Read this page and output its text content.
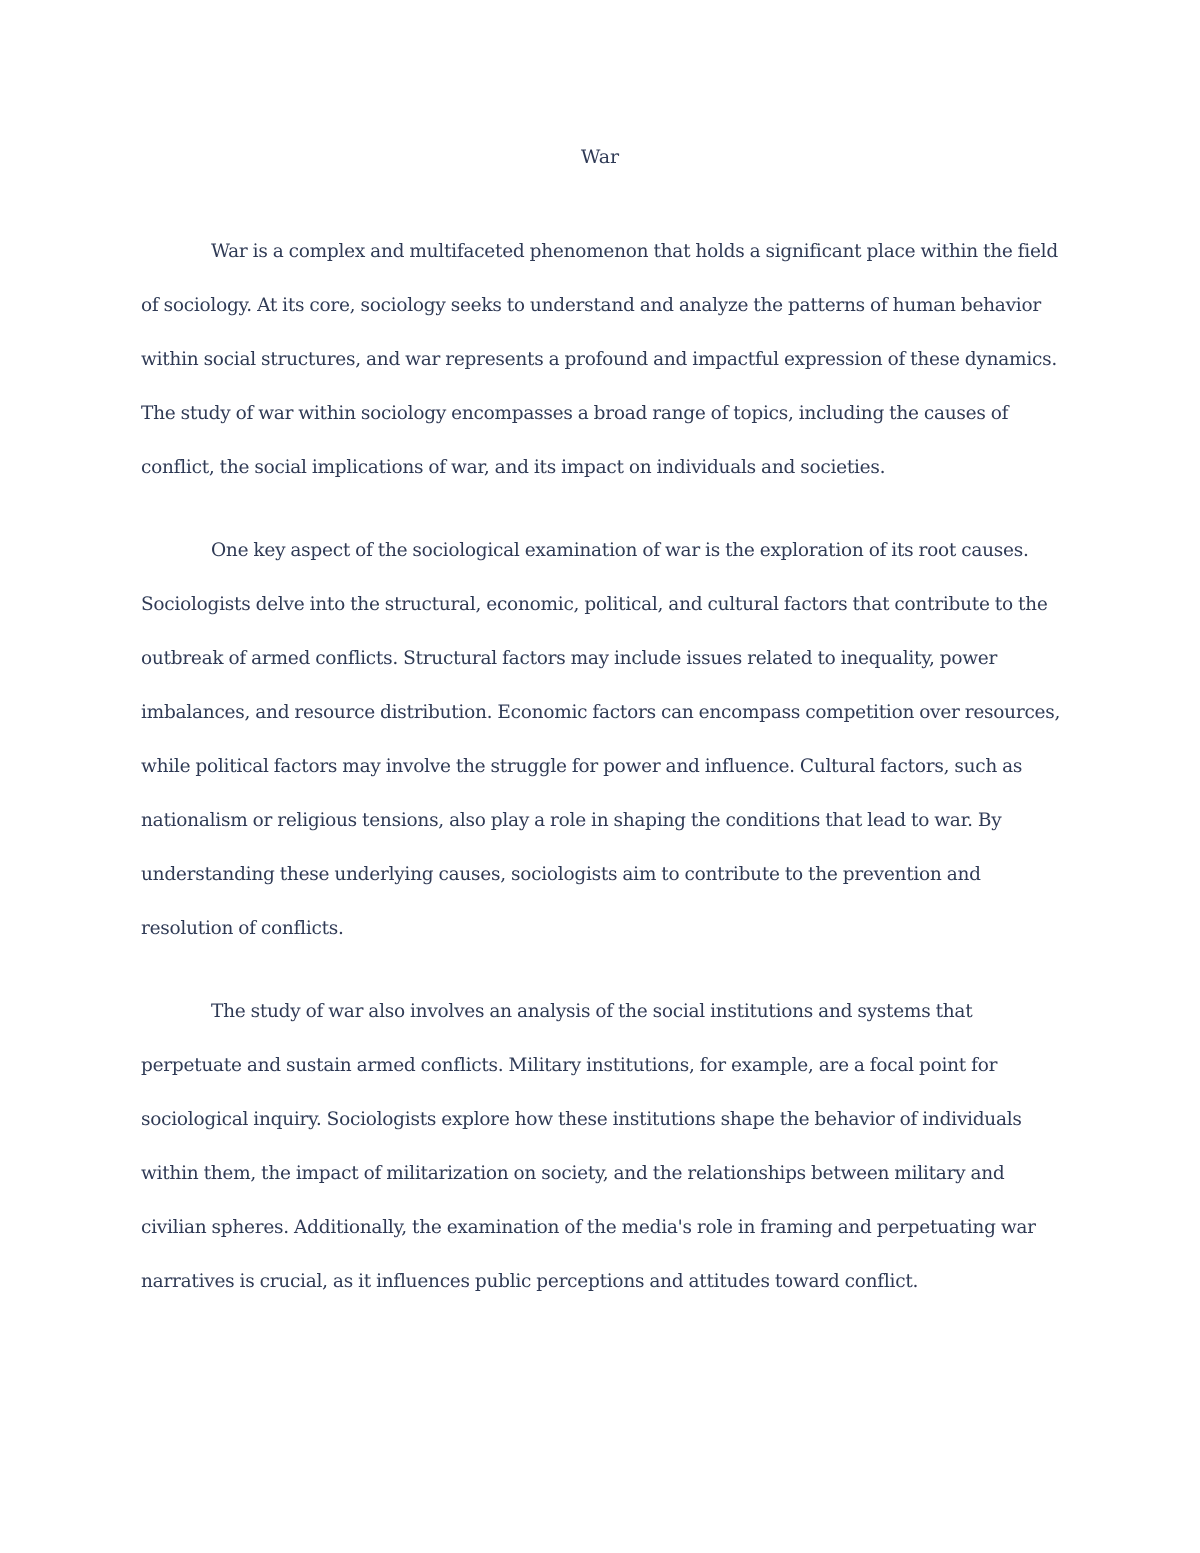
War

War is a complex and multifaceted phenomenon that holds a significant place within the field of sociology. At its core, sociology seeks to understand and analyze the patterns of human behavior within social structures, and war represents a profound and impactful expression of these dynamics. The study of war within sociology encompasses a broad range of topics, including the causes of conflict, the social implications of war, and its impact on individuals and societies.

One key aspect of the sociological examination of war is the exploration of its root causes. Sociologists delve into the structural, economic, political, and cultural factors that contribute to the outbreak of armed conflicts. Structural factors may include issues related to inequality, power imbalances, and resource distribution. Economic factors can encompass competition over resources, while political factors may involve the struggle for power and influence. Cultural factors, such as nationalism or religious tensions, also play a role in shaping the conditions that lead to war. By understanding these underlying causes, sociologists aim to contribute to the prevention and resolution of conflicts.

The study of war also involves an analysis of the social institutions and systems that perpetuate and sustain armed conflicts. Military institutions, for example, are a focal point for sociological inquiry. Sociologists explore how these institutions shape the behavior of individuals within them, the impact of militarization on society, and the relationships between military and civilian spheres. Additionally, the examination of the media's role in framing and perpetuating war narratives is crucial, as it influences public perceptions and attitudes toward conflict.
